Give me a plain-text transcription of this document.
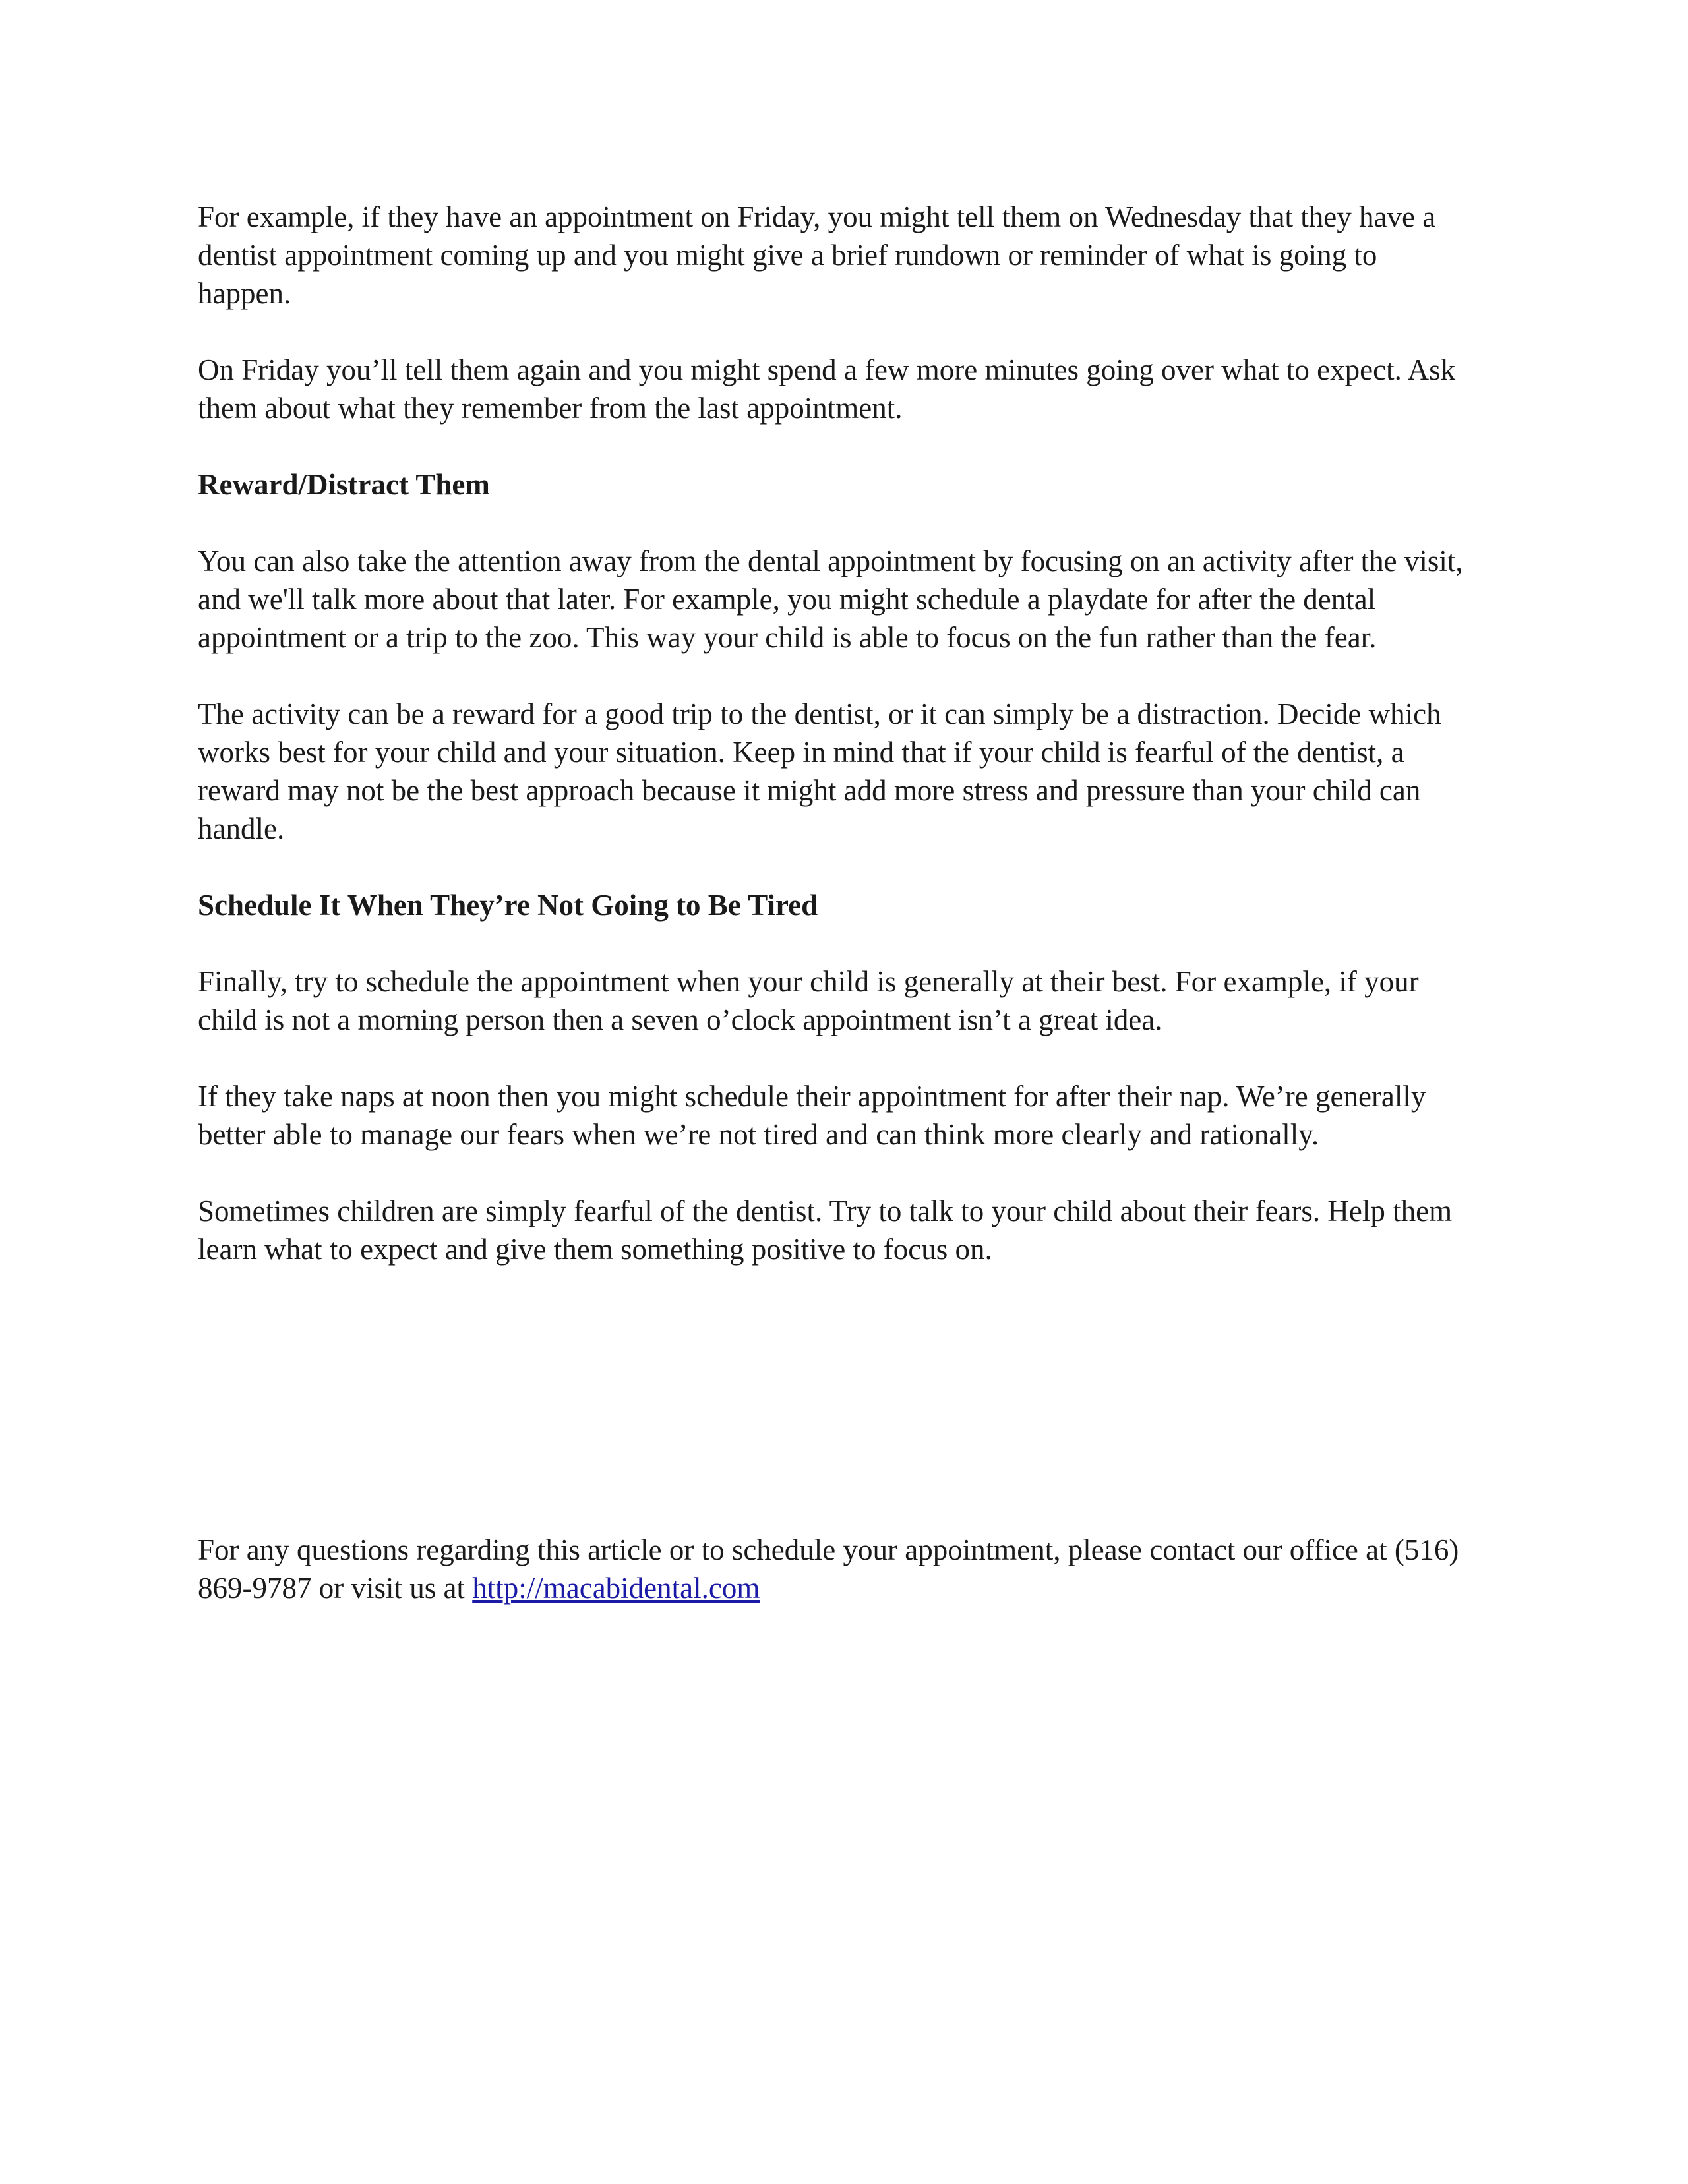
For example, if they have an appointment on Friday, you might tell them on Wednesday that they have a dentist appointment coming up and you might give a brief rundown or reminder of what is going to happen.

On Friday you’ll tell them again and you might spend a few more minutes going over what to expect. Ask them about what they remember from the last appointment.

Reward/Distract Them

You can also take the attention away from the dental appointment by focusing on an activity after the visit, and we'll talk more about that later. For example, you might schedule a playdate for after the dental appointment or a trip to the zoo. This way your child is able to focus on the fun rather than the fear.

The activity can be a reward for a good trip to the dentist, or it can simply be a distraction. Decide which works best for your child and your situation. Keep in mind that if your child is fearful of the dentist, a reward may not be the best approach because it might add more stress and pressure than your child can handle.

Schedule It When They’re Not Going to Be Tired

Finally, try to schedule the appointment when your child is generally at their best. For example, if your child is not a morning person then a seven o’clock appointment isn’t a great idea.

If they take naps at noon then you might schedule their appointment for after their nap. We’re generally better able to manage our fears when we’re not tired and can think more clearly and rationally.

Sometimes children are simply fearful of the dentist. Try to talk to your child about their fears. Help them learn what to expect and give them something positive to focus on.

For any questions regarding this article or to schedule your appointment, please contact our office at (516) 869-9787 or visit us at http://macabidental.com
